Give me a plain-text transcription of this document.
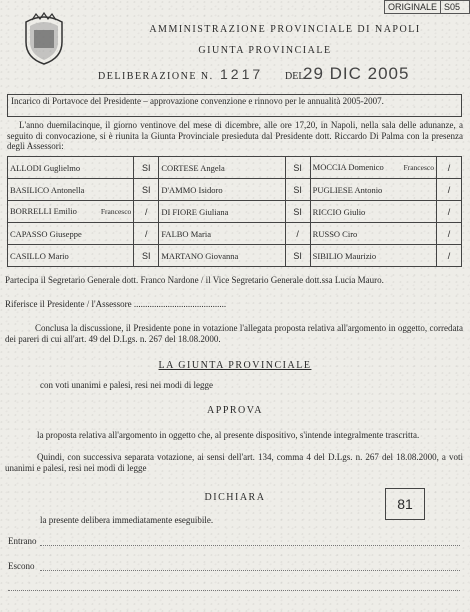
ORIGINALE S05
AMMINISTRAZIONE PROVINCIALE DI NAPOLI
GIUNTA PROVINCIALE
DELIBERAZIONE N. 1217 DEL
29 DIC 2005
Incarico di Portavoce del Presidente – approvazione convenzione e rinnovo per le annualità 2005-2007.
L'anno duemilacinque, il giorno ventinove del mese di dicembre, alle ore 17,20, in Napoli, nella sala delle adunanze, a seguito di convocazione, si è riunita la Giunta Provinciale presieduta dal Presidente dott. Riccardo Di Palma con la presenza degli Assessori:
ALLODI Guglielmo	SI	CORTESE Angela	SI	MOCCIA Domenico Francesco	/
BASILICO Antonella	SI	D'AMMO Isidoro	SI	PUGLIESE Antonio	/

BORRELLI Emilio Francesco	/	DI FIORE Giuliana	SI	RICCIO Giulio	/
CAPASSO Giuseppe	/	FALBO Maria	/	RUSSO Ciro	/
CASILLO Mario	SI	MARTANO Giovanna	SI	SIBILIO Maurizio	/
Partecipa il Segretario Generale dott. Franco Nardone / il Vice Segretario Generale dott.ssa Lucia Mauro.
Riferisce il Presidente / l'Assessore .........................................
Conclusa la discussione, il Presidente pone in votazione l'allegata proposta relativa all'argomento in oggetto, corredata dei pareri di cui all'art. 49 del D.Lgs. n. 267 del 18.08.2000.
LA GIUNTA PROVINCIALE
con voti unanimi e palesi, resi nei modi di legge
APPROVA
la proposta relativa all'argomento in oggetto che, al presente dispositivo, s'intende integralmente trascritta.
Quindi, con successiva separata votazione, ai sensi dell'art. 134, comma 4 del D.Lgs. n. 267 del 18.08.2000, a voti unanimi e palesi, resi nei modi di legge
DICHIARA	81
la presente delibera immediatamente eseguibile.
Entrano
Escono
